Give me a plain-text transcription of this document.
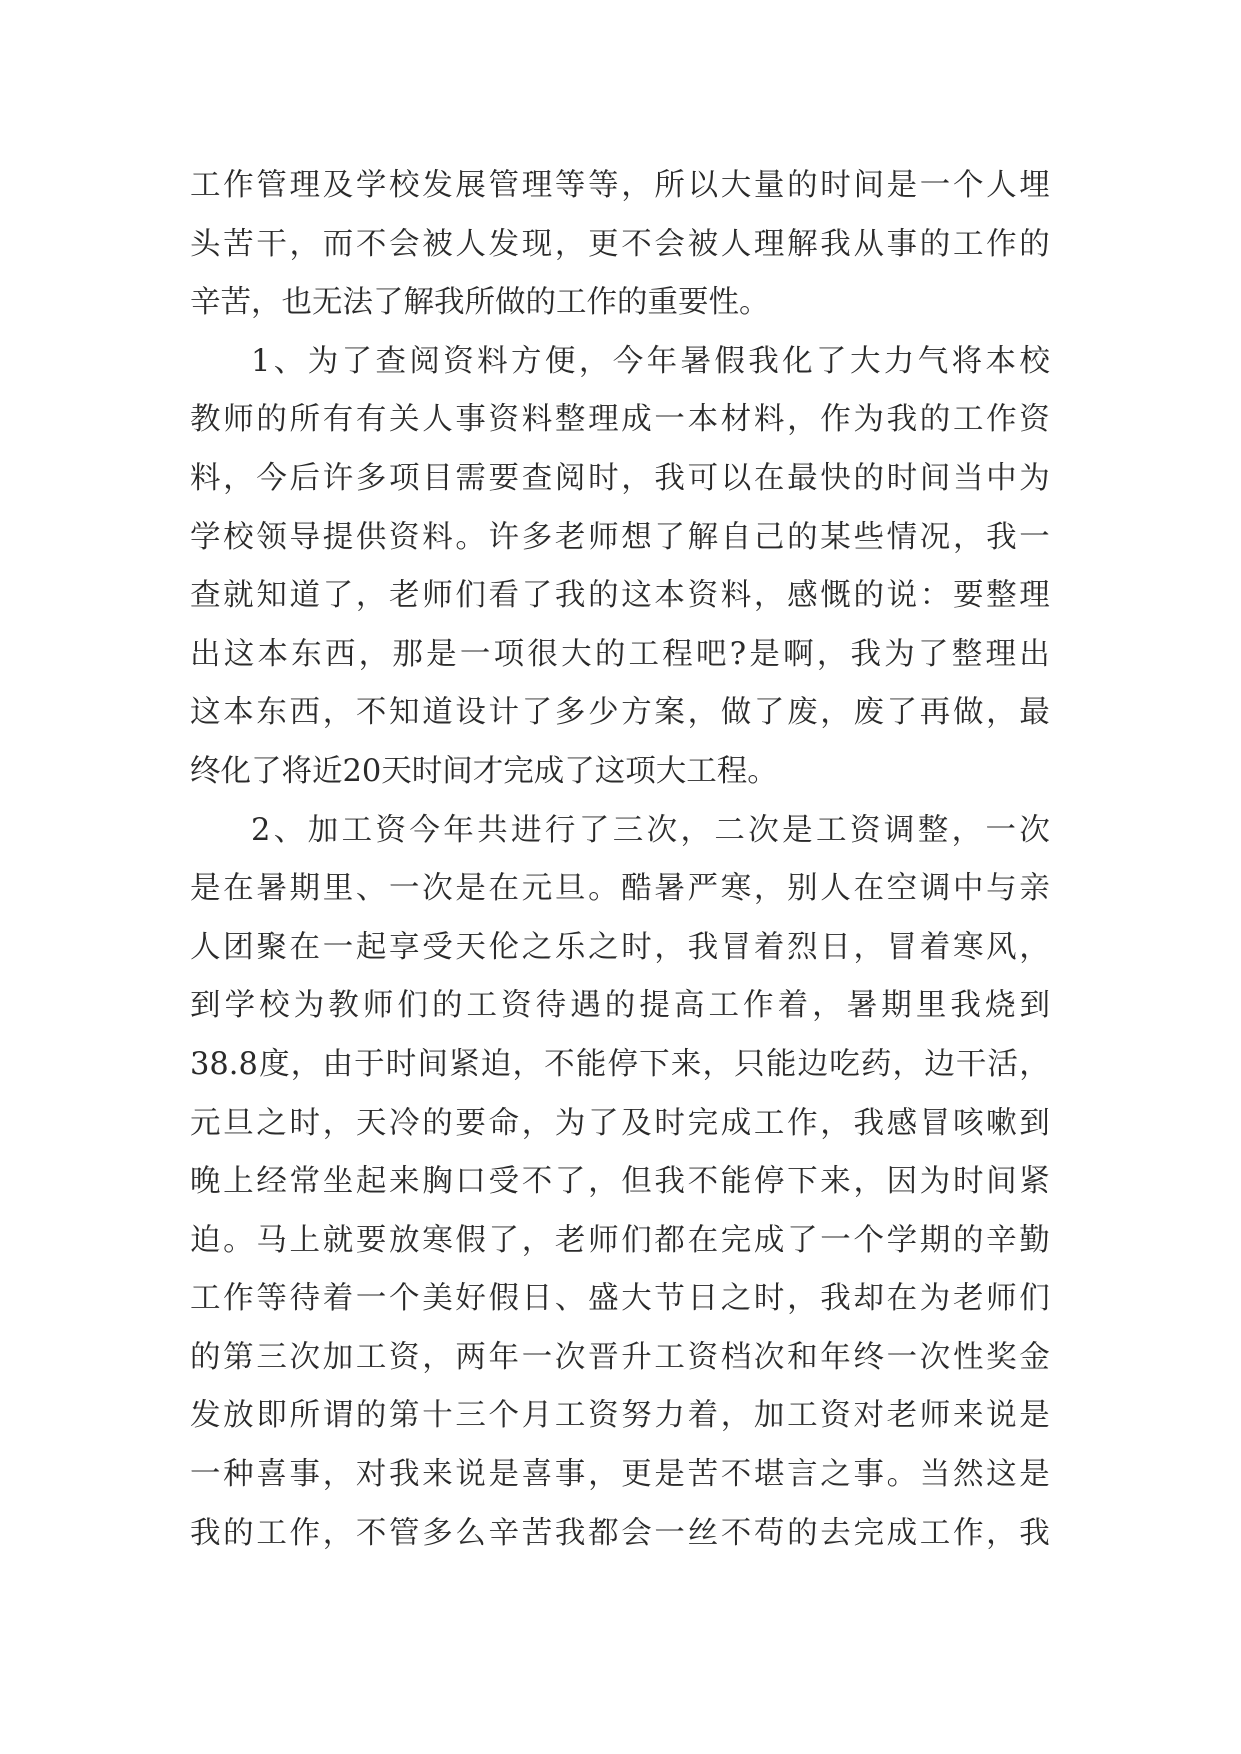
工 作 管 理 及 学 校 发 展 管 理 等 等 ， 所 以 大 量 的 时 间 是 一 个 人 埋
头 苦 干 ， 而 不 会 被 人 发 现 ， 更 不 会 被 人 理 解 我 从 事 的 工 作 的
辛苦，也无法了解我所做的工作的重要性。
1 、 为 了 查 阅 资 料 方 便 ， 今 年 暑 假 我 化 了 大 力 气 将 本 校
教 师 的 所 有 有 关 人 事 资 料 整 理 成 一 本 材 料 ， 作 为 我 的 工 作 资
料 ， 今 后 许 多 项 目 需 要 查 阅 时 ， 我 可 以 在 最 快 的 时 间 当 中 为
学 校 领 导 提 供 资 料 。 许 多 老 师 想 了 解 自 己 的 某 些 情 况 ， 我 一
查 就 知 道 了 ， 老 师 们 看 了 我 的 这 本 资 料 ， 感 慨 的 说 ： 要 整 理
出 这 本 东 西 ， 那 是 一 项 很 大 的 工 程 吧 ? 是 啊 ， 我 为 了 整 理 出
这 本 东 西 ， 不 知 道 设 计 了 多 少 方 案 ， 做 了 废 ， 废 了 再 做 ， 最
终化了将近20天时间才完成了这项大工程。
2 、 加 工 资 今 年 共 进 行 了 三 次 ， 二 次 是 工 资 调 整 ， 一 次
是 在 暑 期 里 、 一 次 是 在 元 旦 。 酷 暑 严 寒 ， 别 人 在 空 调 中 与 亲
人 团 聚 在 一 起 享 受 天 伦 之 乐 之 时 ， 我 冒 着 烈 日 ， 冒 着 寒 风 ，
到 学 校 为 教 师 们 的 工 资 待 遇 的 提 高 工 作 着 ， 暑 期 里 我 烧 到
38.8 度 ， 由 于 时 间 紧 迫 ， 不 能 停 下 来 ， 只 能 边 吃 药 ， 边 干 活 ，
元 旦 之 时 ， 天 冷 的 要 命 ， 为 了 及 时 完 成 工 作 ， 我 感 冒 咳 嗽 到
晚 上 经 常 坐 起 来 胸 口 受 不 了 ， 但 我 不 能 停 下 来 ， 因 为 时 间 紧
迫 。 马 上 就 要 放 寒 假 了 ， 老 师 们 都 在 完 成 了 一 个 学 期 的 辛 勤
工 作 等 待 着 一 个 美 好 假 日 、 盛 大 节 日 之 时 ， 我 却 在 为 老 师 们
的 第 三 次 加 工 资 ， 两 年 一 次 晋 升 工 资 档 次 和 年 终 一 次 性 奖 金
发 放 即 所 谓 的 第 十 三 个 月 工 资 努 力 着 ， 加 工 资 对 老 师 来 说 是
一 种 喜 事 ， 对 我 来 说 是 喜 事 ， 更 是 苦 不 堪 言 之 事 。 当 然 这 是
我 的 工 作 ， 不 管 多 么 辛 苦 我 都 会 一 丝 不 苟 的 去 完 成 工 作 ， 我
